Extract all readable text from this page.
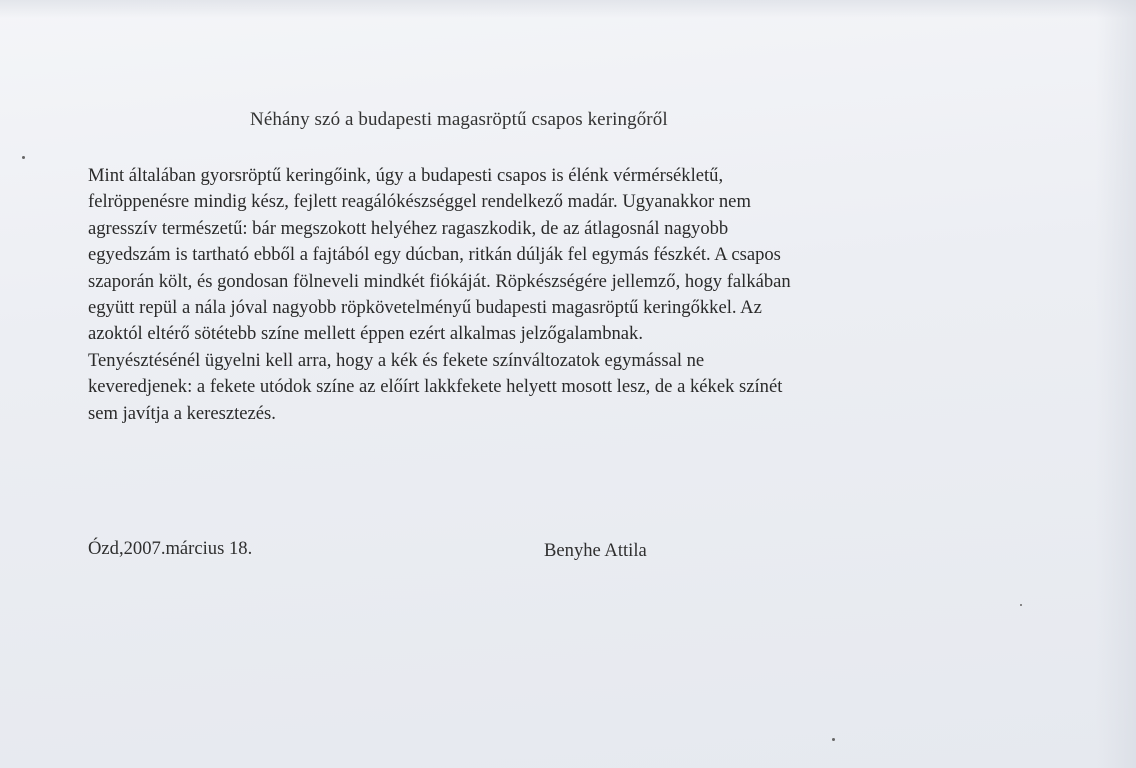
Néhány szó a budapesti magasröptű csapos keringőről
Mint általában gyorsröptű keringőink, úgy a budapesti csapos is élénk vérmérsékletű,
felröppenésre mindig kész, fejlett reagálókészséggel rendelkező madár. Ugyanakkor nem
agresszív természetű: bár megszokott helyéhez ragaszkodik, de az átlagosnál nagyobb
egyedszám is tartható ebből a fajtából egy dúcban, ritkán dúlják fel egymás fészkét. A csapos
szaporán költ, és gondosan fölneveli mindkét fiókáját. Röpkészségére jellemző, hogy falkában
együtt repül a nála jóval nagyobb röpkövetelményű budapesti magasröptű keringőkkel. Az
azoktól eltérő sötétebb színe mellett éppen ezért alkalmas jelzőgalambnak.
Tenyésztésénél ügyelni kell arra, hogy a kék és fekete színváltozatok egymással ne
keveredjenek: a fekete utódok színe az előírt lakkfekete helyett mosott lesz, de a kékek színét
sem javítja a keresztezés.
Ózd,2007.március 18.	Benyhe Attila
